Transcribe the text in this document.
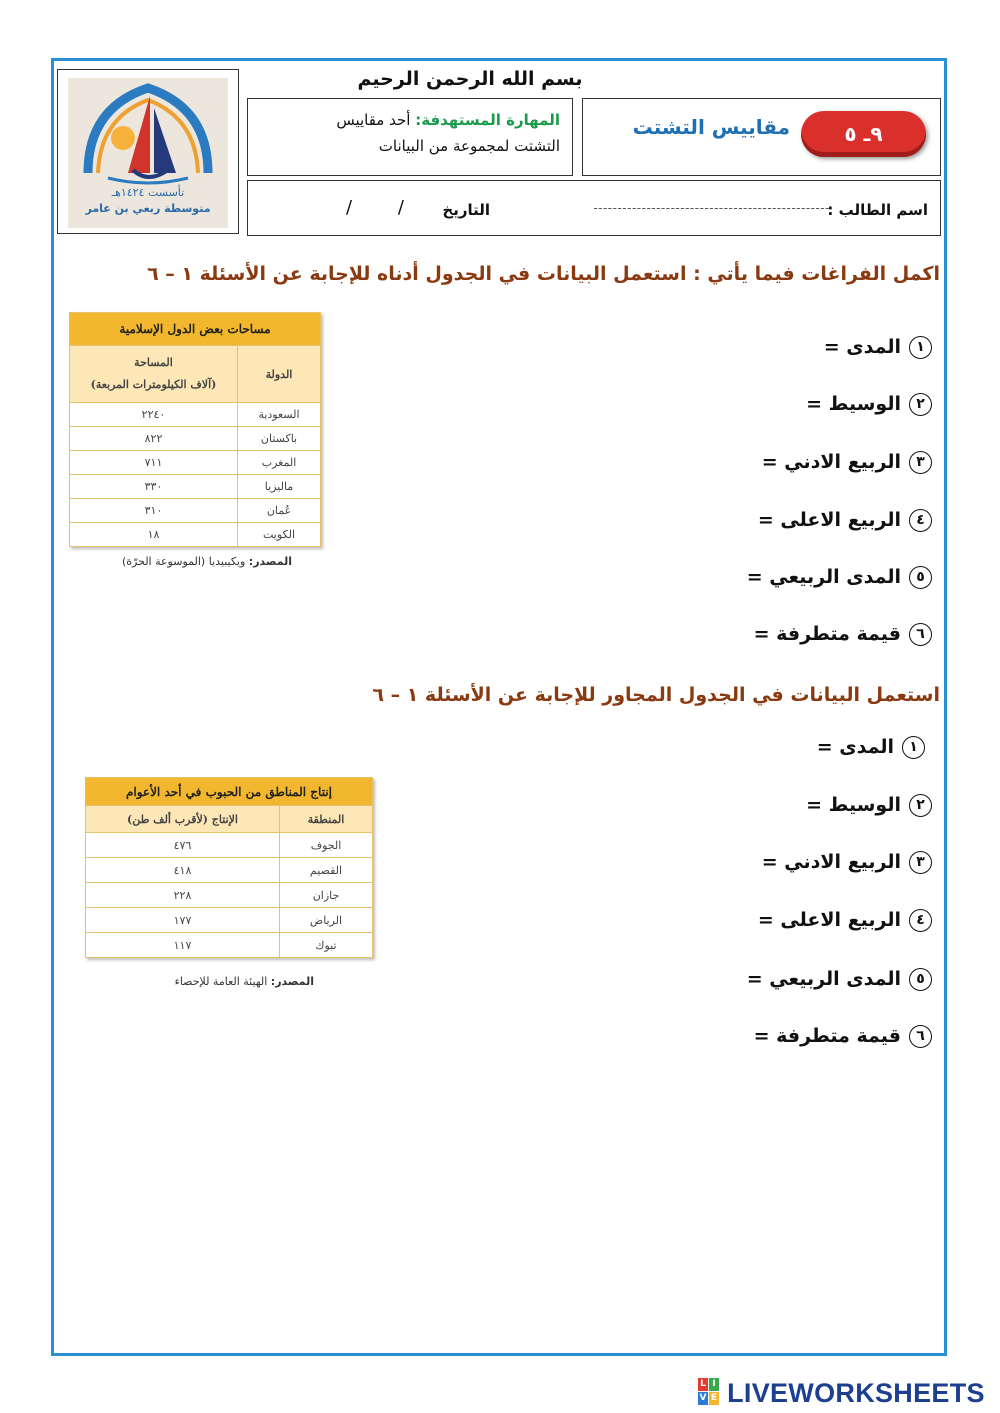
تأسست ١٤٢٤هـ
متوسطة ربعي بن عامر
بسم الله الرحمن الرحيم
المهارة المستهدفة: أحد مقاييس
التشتت لمجموعة من البيانات	٩ـ ٥
مقاييس التشتت
اسم الطالب :
-------------------------------------------------
التاريخ
/        /
اكمل الفراغات فيما يأتي : استعمل البيانات في الجدول أدناه للإجابة عن الأسئلة ١ – ٦
١المدى =
٢الوسيط =
٣الربيع الادني =
٤الربيع الاعلى =
٥المدى الربيعي =
٦قيمة متطرفة =
مساحات بعض الدول الإسلامية	
الدولة	المساحة
(آلاف الكيلومترات المربعة)
السعودية	٢٢٤٠
باكستان	٨٢٢
المغرب	٧١١
ماليزيا	٣٣٠
عُمان	٣١٠
الكويت	١٨
المصدر: ويكيبيديا (الموسوعة الحرّة)
استعمل البيانات في الجدول المجاور للإجابة عن الأسئلة ١ – ٦
١المدى =
٢الوسيط =
٣الربيع الادني =
٤الربيع الاعلى =
٥المدى الربيعي =
٦قيمة متطرفة =
إنتاج المناطق من الحبوب في أحد الأعوام	
المنطقة	الإنتاج (لأقرب ألف طن)
الجوف	٤٧٦
القصيم	٤١٨
جازان	٢٢٨
الرياض	١٧٧
تبوك	١١٧
المصدر: الهيئة العامة للإحصاء
L I
V E LIVEWORKSHEETS
